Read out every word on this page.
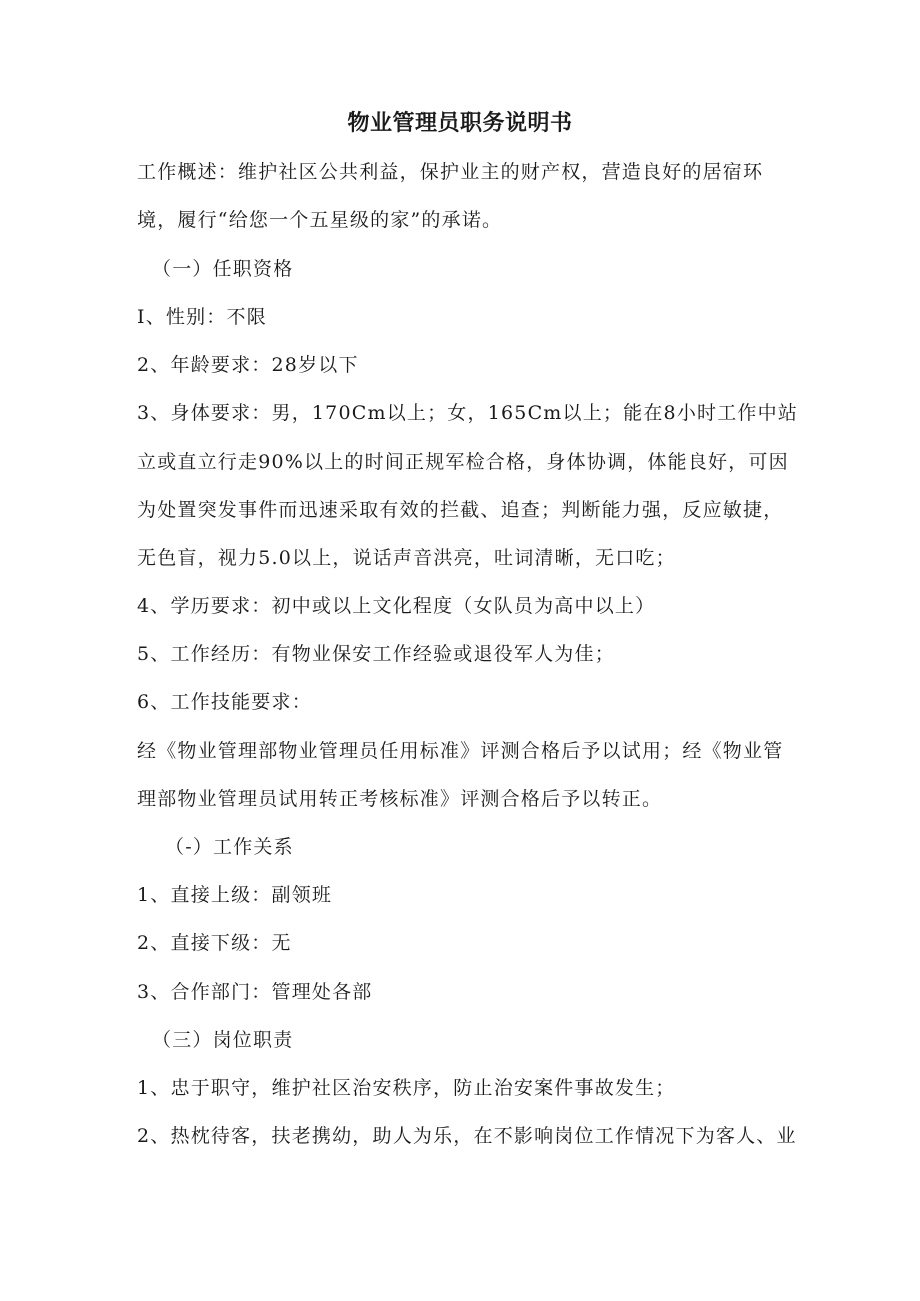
物业管理员职务说明书
工作概述：维护社区公共利益，保护业主的财产权，营造良好的居宿环
境，履行“给您一个五星级的家”的承诺。
（一）任职资格
I、性别：不限
2、年龄要求：28岁以下
3、身体要求：男，170Cm以上；女，165Cm以上；能在8小时工作中站
立或直立行走90%以上的时间正规军检合格，身体协调，体能良好，可因
为处置突发事件而迅速采取有效的拦截、追查；判断能力强，反应敏捷，
无色盲，视力5.0以上，说话声音洪亮，吐词清晰，无口吃；
4、学历要求：初中或以上文化程度（女队员为高中以上）
5、工作经历：有物业保安工作经验或退役军人为佳；
6、工作技能要求：
经《物业管理部物业管理员任用标准》评测合格后予以试用；经《物业管
理部物业管理员试用转正考核标准》评测合格后予以转正。
（-）工作关系
1、直接上级：副领班
2、直接下级：无
3、合作部门：管理处各部
（三）岗位职责
1、忠于职守，维护社区治安秩序，防止治安案件事故发生；
2、热枕待客，扶老携幼，助人为乐，在不影响岗位工作情况下为客人、业
